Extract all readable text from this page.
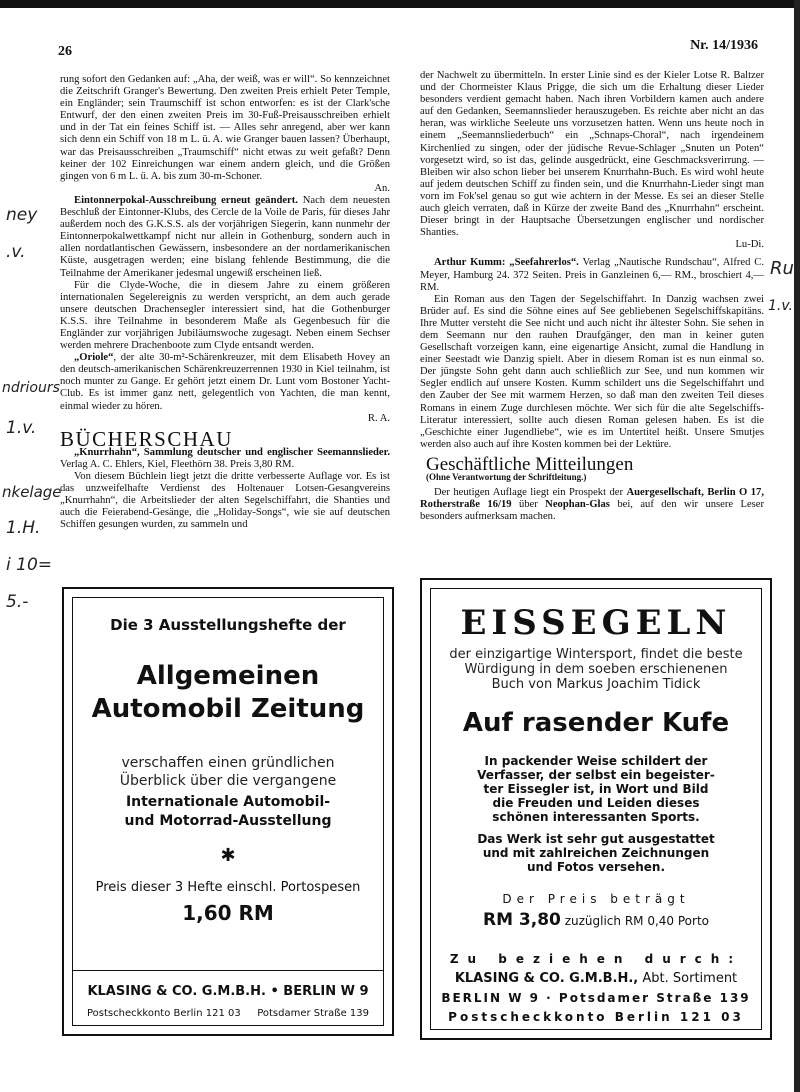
26	Nr. 14/1936
ney
.v.
ndriours
1.v.
nkelage
1.H.
i 10=
5.-
Ru
1.v.

rung sofort den Gedanken auf: „Aha, der weiß, was er will“. So kennzeichnet die Zeitschrift Granger's Bewertung. Den zweiten Preis erhielt Peter Temple, ein Engländer; sein Traumschiff ist schon entworfen: es ist der Clark'sche Entwurf, der den einen zweiten Preis im 30-Fuß-Preisausschreiben erhielt und in der Tat ein feines Schiff ist. — Alles sehr anregend, aber wer kann sich denn ein Schiff von 18 m L. ü. A. wie Granger bauen lassen? Überhaupt, war das Preisausschreiben „Traumschiff“ nicht etwas zu weit gefaßt? Denn keiner der 102 Einreichungen war einem andern gleich, und die Größen gingen von 6 m L. ü. A. bis zum 30-m-Schoner.

An.

Eintonnerpokal-Ausschreibung erneut geändert. Nach dem neuesten Beschluß der Eintonner-Klubs, des Cercle de la Voile de Paris, für dieses Jahr außerdem noch des G.K.S.S. als der vorjährigen Siegerin, kann nunmehr der Eintonnerpokalwettkampf nicht nur allein in Gothenburg, sondern auch in allen nordatlantischen Gewässern, insbesondere an der nordamerikanischen Küste, ausgetragen werden; eine bislang fehlende Bestimmung, die die Teilnahme der Amerikaner jedesmal ungewiß erscheinen ließ.

Für die Clyde-Woche, die in diesem Jahre zu einem größeren internationalen Segelereignis zu werden verspricht, an dem auch gerade unsere deutschen Drachensegler interessiert sind, hat die Gothenburger K.S.S. ihre Teilnahme in besonderem Maße als Gegenbesuch für die Engländer zur vorjährigen Jubiläumswoche zugesagt. Neben einem Sechser werden mehrere Drachenboote zum Clyde entsandt werden.

„Oriole“, der alte 30-m²-Schärenkreuzer, mit dem Elisabeth Hovey an den deutsch-amerikanischen Schärenkreuzerrennen 1930 in Kiel teilnahm, ist noch munter zu Gange. Er gehört jetzt einem Dr. Lunt vom Bostoner Yacht-Club. Es ist immer ganz nett, gelegentlich von Yachten, die man kennt, einmal wieder zu hören.

R. A.

BÜCHERSCHAU

„Knurrhahn“, Sammlung deutscher und englischer Seemannslieder. Verlag A. C. Ehlers, Kiel, Fleethörn 38. Preis 3,80 RM.

Von diesem Büchlein liegt jetzt die dritte verbesserte Auflage vor. Es ist das unzweifelhafte Verdienst des Holtenauer Lotsen-Gesangvereins „Knurrhahn“, die Arbeitslieder der alten Segelschiffahrt, die Shanties und auch die Feierabend-Gesänge, die „Holiday-Songs“, wie sie auf deutschen Schiffen gesungen wurden, zu sammeln und

der Nachwelt zu übermitteln. In erster Linie sind es der Kieler Lotse R. Baltzer und der Chormeister Klaus Prigge, die sich um die Erhaltung dieser Lieder besonders verdient gemacht haben. Nach ihren Vorbildern kamen auch andere auf den Gedanken, Seemannslieder herauszugeben. Es reichte aber nicht an das heran, was wirkliche Seeleute uns vorzusetzen hatten. Wenn uns heute noch in einem „Seemannsliederbuch“ ein „Schnaps-Choral“, nach irgendeinem Kirchenlied zu singen, oder der jüdische Revue-Schlager „Snuten un Poten“ vorgesetzt wird, so ist das, gelinde ausgedrückt, eine Geschmacksverirrung. — Bleiben wir also schon lieber bei unserem Knurrhahn-Buch. Es wird wohl heute auf jedem deutschen Schiff zu finden sein, und die Knurrhahn-Lieder singt man vorn im Fok'sel genau so gut wie achtern in der Messe. Es sei an dieser Stelle auch gleich verraten, daß in Kürze der zweite Band des „Knurrhahn“ erscheint. Dieser bringt in der Hauptsache Übersetzungen englischer und nordischer Shanties.

Lu-Di.

Arthur Kumm: „Seefahrerlos“. Verlag „Nautische Rundschau“, Alfred C. Meyer, Hamburg 24. 372 Seiten. Preis in Ganzleinen 6,— RM., broschiert 4,— RM.

Ein Roman aus den Tagen der Segelschiffahrt. In Danzig wachsen zwei Brüder auf. Es sind die Söhne eines auf See gebliebenen Segelschiffskapitäns. Ihre Mutter versteht die See nicht und auch nicht ihr ältester Sohn. Sie sehen in dem Seemann nur den rauhen Draufgänger, den man in keiner guten Gesellschaft vorzeigen kann, eine eigenartige Ansicht, zumal die Handlung in einer Seestadt wie Danzig spielt. Aber in diesem Roman ist es nun einmal so. Der jüngste Sohn geht dann auch schließlich zur See, und nun kommen wir Segler endlich auf unsere Kosten. Kumm schildert uns die Segelschiffahrt und den Zauber der See mit warmem Herzen, so daß man den zweiten Teil dieses Romans in einem Zuge durchlesen möchte. Wer sich für die alte Segelschiffs-Literatur interessiert, sollte auch diesen Roman gelesen haben. Es ist die „Geschichte einer Jugendliebe“, wie es im Untertitel heißt. Unsere Smutjes werden also auch auf ihre Kosten kommen bei der Lektüre.

Geschäftliche Mitteilungen
(Ohne Verantwortung der Schriftleitung.)

Der heutigen Auflage liegt ein Prospekt der Auergesellschaft, Berlin O 17, Rotherstraße 16/19 über Neophan-Glas bei, auf den wir unsere Leser besonders aufmerksam machen.

Die 3 Ausstellungshefte der
Allgemeinen
Automobil Zeitung
verschaffen einen gründlichen
Überblick über die vergangene
Internationale Automobil-
und Motorrad-Ausstellung
✱
Preis dieser 3 Hefte einschl. Portospesen
1,60 RM
KLASING & CO. G.M.B.H. • BERLIN W 9
Postscheckkonto Berlin 121 03 Potsdamer Straße 139
EISSEGELN
der einzigartige Wintersport, findet die beste
Würdigung in dem soeben erschienenen
Buch von Markus Joachim Tidick
Auf rasender Kufe
In packender Weise schildert der
Verfasser, der selbst ein begeister-
ter Eissegler ist, in Wort und Bild
die Freuden und Leiden dieses
schönen interessanten Sports.
Das Werk ist sehr gut ausgestattet
und mit zahlreichen Zeichnungen
und Fotos versehen.
Der Preis beträgt
RM 3,80 zuzüglich RM 0,40 Porto
Zu beziehen durch:
KLASING & CO. G.M.B.H., Abt. Sortiment
BERLIN W 9 · Potsdamer Straße 139
Postscheckkonto Berlin 121 03
